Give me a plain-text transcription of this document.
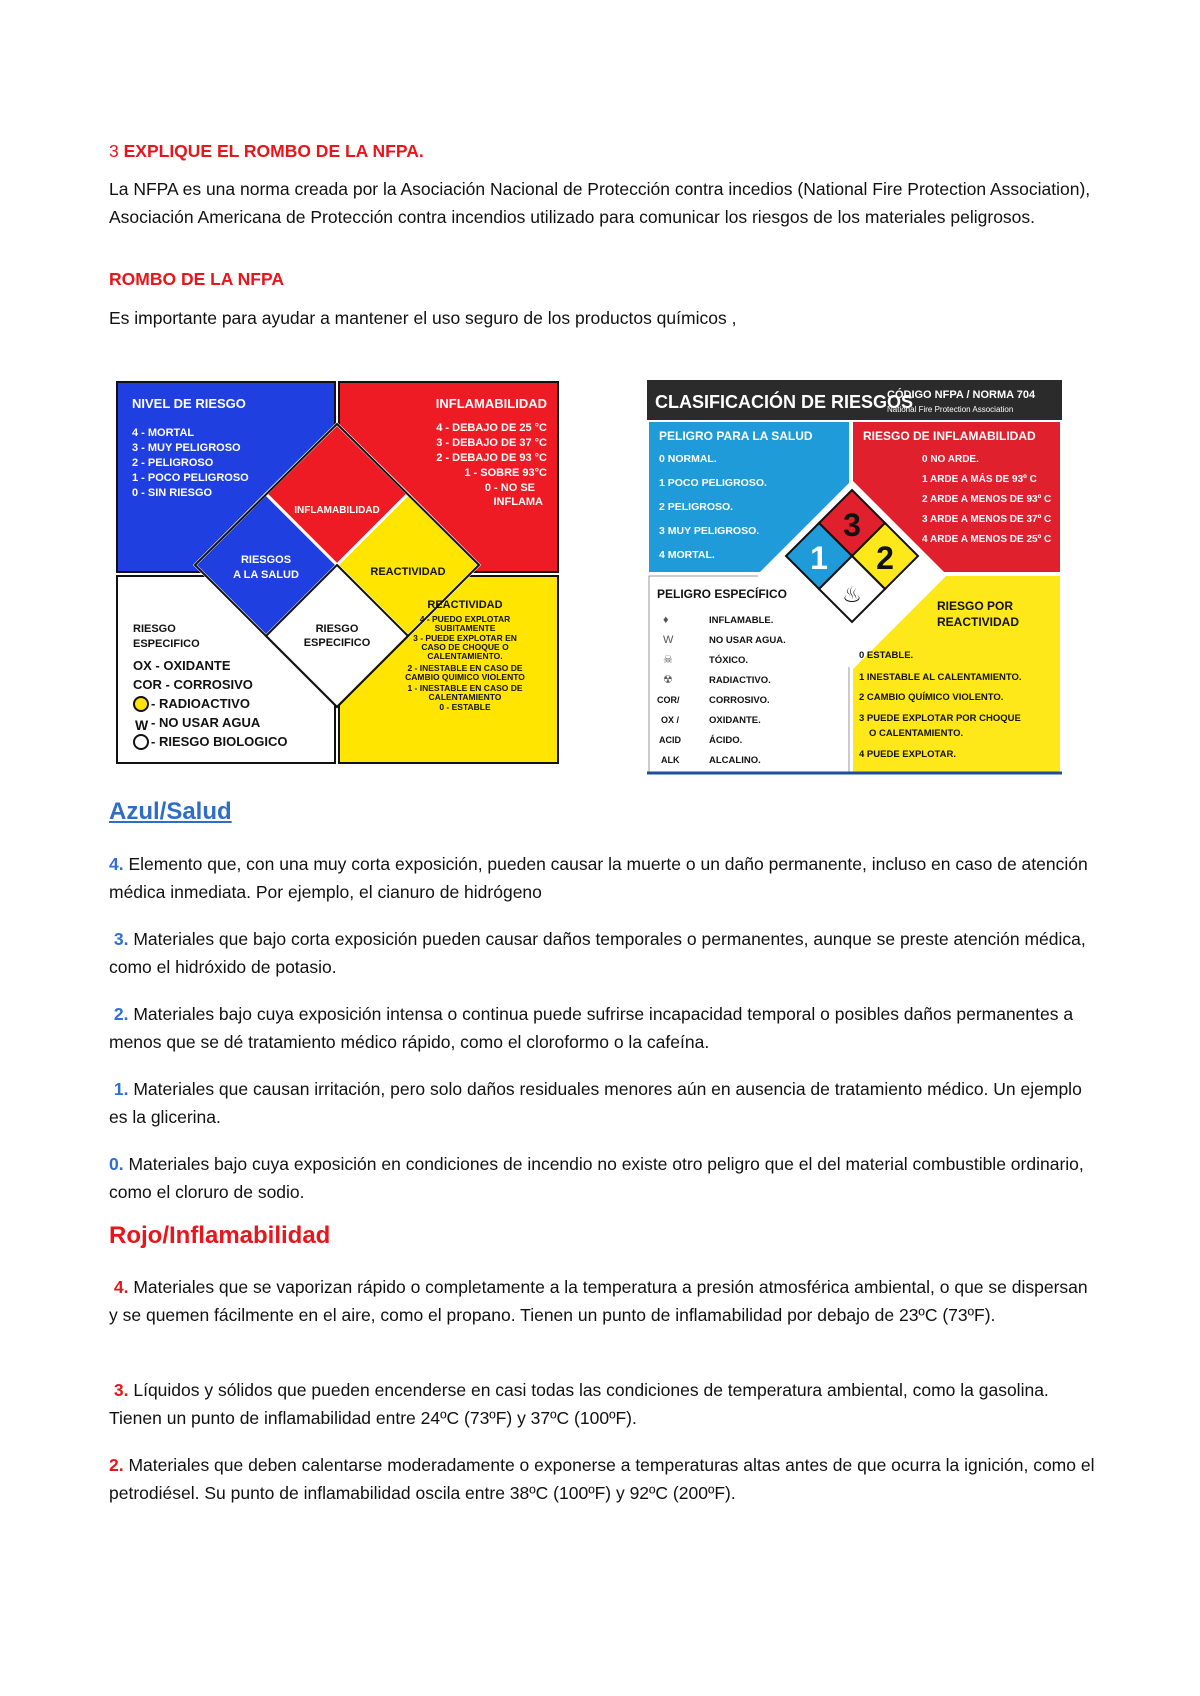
3 EXPLIQUE EL ROMBO DE LA NFPA.
La NFPA es una norma creada por la Asociación Nacional de Protección contra incedios (National Fire Protection Association), Asociación Americana de Protección contra incendios utilizado para comunicar los riesgos de los materiales peligrosos.
ROMBO DE LA NFPA
Es importante para ayudar a mantener el uso seguro de los productos químicos ,
NIVEL DE RIESGO
4 - MORTAL
3 - MUY PELIGROSO
2 - PELIGROSO
1 - POCO PELIGROSO
0 - SIN RIESGO
INFLAMABILIDAD
4 - DEBAJO DE 25 °C
3 - DEBAJO DE 37 °C
2 - DEBAJO DE 93 °C
1 - SOBRE 93°C
0 - NO SE
INFLAMA
INFLAMABILIDAD
RIESGOS
A LA SALUD	REACTIVIDAD
RIESGO
ESPECIFICO
RIESGO
ESPECIFICO
OX - OXIDANTE
COR - CORROSIVO
- RADIOACTIVO
- NO USAR AGUA
- RIESGO BIOLOGICO
W
REACTIVIDAD
4 - PUEDO EXPLOTAR
SUBITAMENTE
3 - PUEDE EXPLOTAR EN
CASO DE CHOQUE O
CALENTAMIENTO.
2 - INESTABLE EN CASO DE
CAMBIO QUIMICO VIOLENTO
1 - INESTABLE EN CASO DE
CALENTAMIENTO
0 - ESTABLE
CLASIFICACIÓN DE RIESGOS
CÓDIGO NFPA / NORMA 704
National Fire Protection Association
3
1 2
♨
PELIGRO PARA LA SALUD
0 NORMAL.
1 POCO PELIGROSO.
2 PELIGROSO.
3 MUY PELIGROSO.
4 MORTAL.
RIESGO DE INFLAMABILIDAD
0 NO ARDE.
1 ARDE A MÁS DE 93º C
2 ARDE A MENOS DE 93º C
3 ARDE A MENOS DE 37º C
4 ARDE A MENOS DE 25º C
PELIGRO ESPECÍFICO
COR/
OX /
ACID
ALK
♦
W
☠
☢
INFLAMABLE.
NO USAR AGUA.
TÓXICO.
RADIACTIVO.
CORROSIVO.
OXIDANTE.
ÁCIDO.
ALCALINO.
RIESGO POR
REACTIVIDAD
0 ESTABLE.
1 INESTABLE AL CALENTAMIENTO.
2 CAMBIO QUÍMICO VIOLENTO.
3 PUEDE EXPLOTAR POR CHOQUE
O CALENTAMIENTO.
4 PUEDE EXPLOTAR.
Azul/Salud
4. Elemento que, con una muy corta exposición, pueden causar la muerte o un daño permanente, incluso en caso de atención médica inmediata. Por ejemplo, el cianuro de hidrógeno
3. Materiales que bajo corta exposición pueden causar daños temporales o permanentes, aunque se preste atención médica, como el hidróxido de potasio.
2. Materiales bajo cuya exposición intensa o continua puede sufrirse incapacidad temporal o posibles daños permanentes a menos que se dé tratamiento médico rápido, como el cloroformo o la cafeína.
1. Materiales que causan irritación, pero solo daños residuales menores aún en ausencia de tratamiento médico. Un ejemplo es la glicerina.
0. Materiales bajo cuya exposición en condiciones de incendio no existe otro peligro que el del material combustible ordinario, como el cloruro de sodio.
Rojo/Inflamabilidad
4. Materiales que se vaporizan rápido o completamente a la temperatura a presión atmosférica ambiental, o que se dispersan y se quemen fácilmente en el aire, como el propano. Tienen un punto de inflamabilidad por debajo de 23ºC (73ºF).
3. Líquidos y sólidos que pueden encenderse en casi todas las condiciones de temperatura ambiental, como la gasolina. Tienen un punto de inflamabilidad entre 24ºC (73ºF) y 37ºC (100ºF).
2. Materiales que deben calentarse moderadamente o exponerse a temperaturas altas antes de que ocurra la ignición, como el petrodiésel. Su punto de inflamabilidad oscila entre 38ºC (100ºF) y 92ºC (200ºF).
